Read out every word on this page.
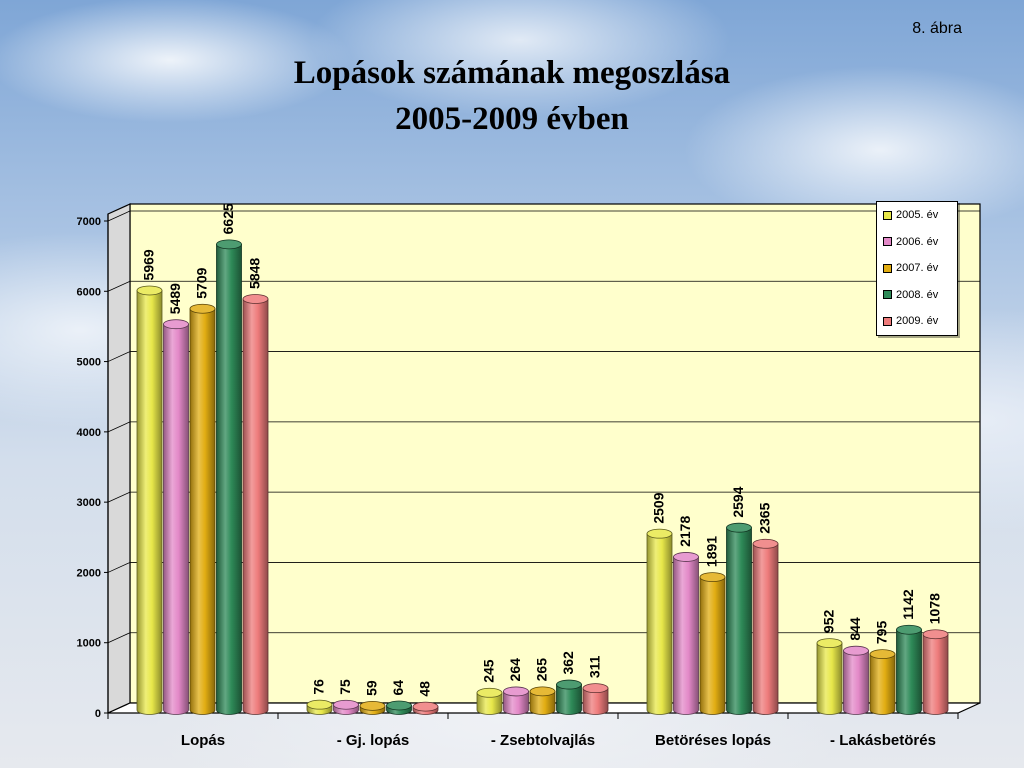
8. ábra
Lopások számának megoszlása
2005-2009 évben
0
1000
2000
3000
4000
5000
6000
7000
Lopás	- Gj. lopás	- Zsebtolvajlás	Betöréses lopás	- Lakásbetörés
5969
5489 5709
6625
5848
76 75 59 64 48
245 264 265 362 311
2509
2178
1891
2594
2365
952 844 795
1142 1078
2005. év
2006. év
2007. év
2008. év
2009. év
